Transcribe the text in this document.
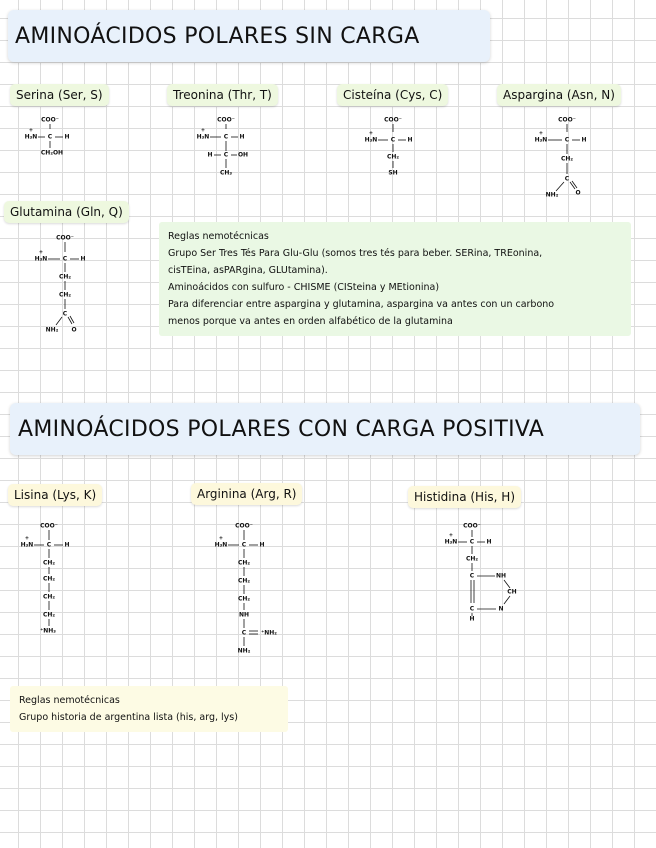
AMINOÁCIDOS POLARES SIN CARGA
Serina (Ser, S)	Treonina (Thr, T)	Cisteína (Cys, C)	Aspargina (Asn, N)
Glutamina (Gln, Q)
COO⁻
H₃N
+
C H
CH₂OH
COO⁻
H₃N
+
C H
H C OH
CH₃
COO⁻
H₃N
+
C H
CH₂
SH
COO⁻
H₃N
+
C H
CH₂
C
NH₂	O
COO⁻
H₃N
+
C H
CH₂
CH₂
C
NH₂ O
Reglas nemotécnicas
Grupo Ser Tres Tés Para Glu-Glu (somos tres tés para beber. SERina, TREonina,
cisTEina, asPARgina, GLUtamina).
Aminoácidos con sulfuro - CHISME (CISteina y MEtionina)
Para diferenciar entre aspargina y glutamina, aspargina va antes con un carbono
menos porque va antes en orden alfabético de la glutamina
AMINOÁCIDOS POLARES CON CARGA POSITIVA
Lisina (Lys, K)	Arginina (Arg, R)	Histidina (His, H)
COO⁻
H₃N
+
C H
CH₂
CH₂
CH₂
CH₂
⁺NH₃
COO⁻
H₃N
+
C H
CH₂
CH₂
CH₂
NH
C ⁺NH₂
NH₂
COO⁻
H₃N
+
C H
CH₂
C	NH
CH
N
C
H
Reglas nemotécnicas
Grupo historia de argentina lista (his, arg, lys)
